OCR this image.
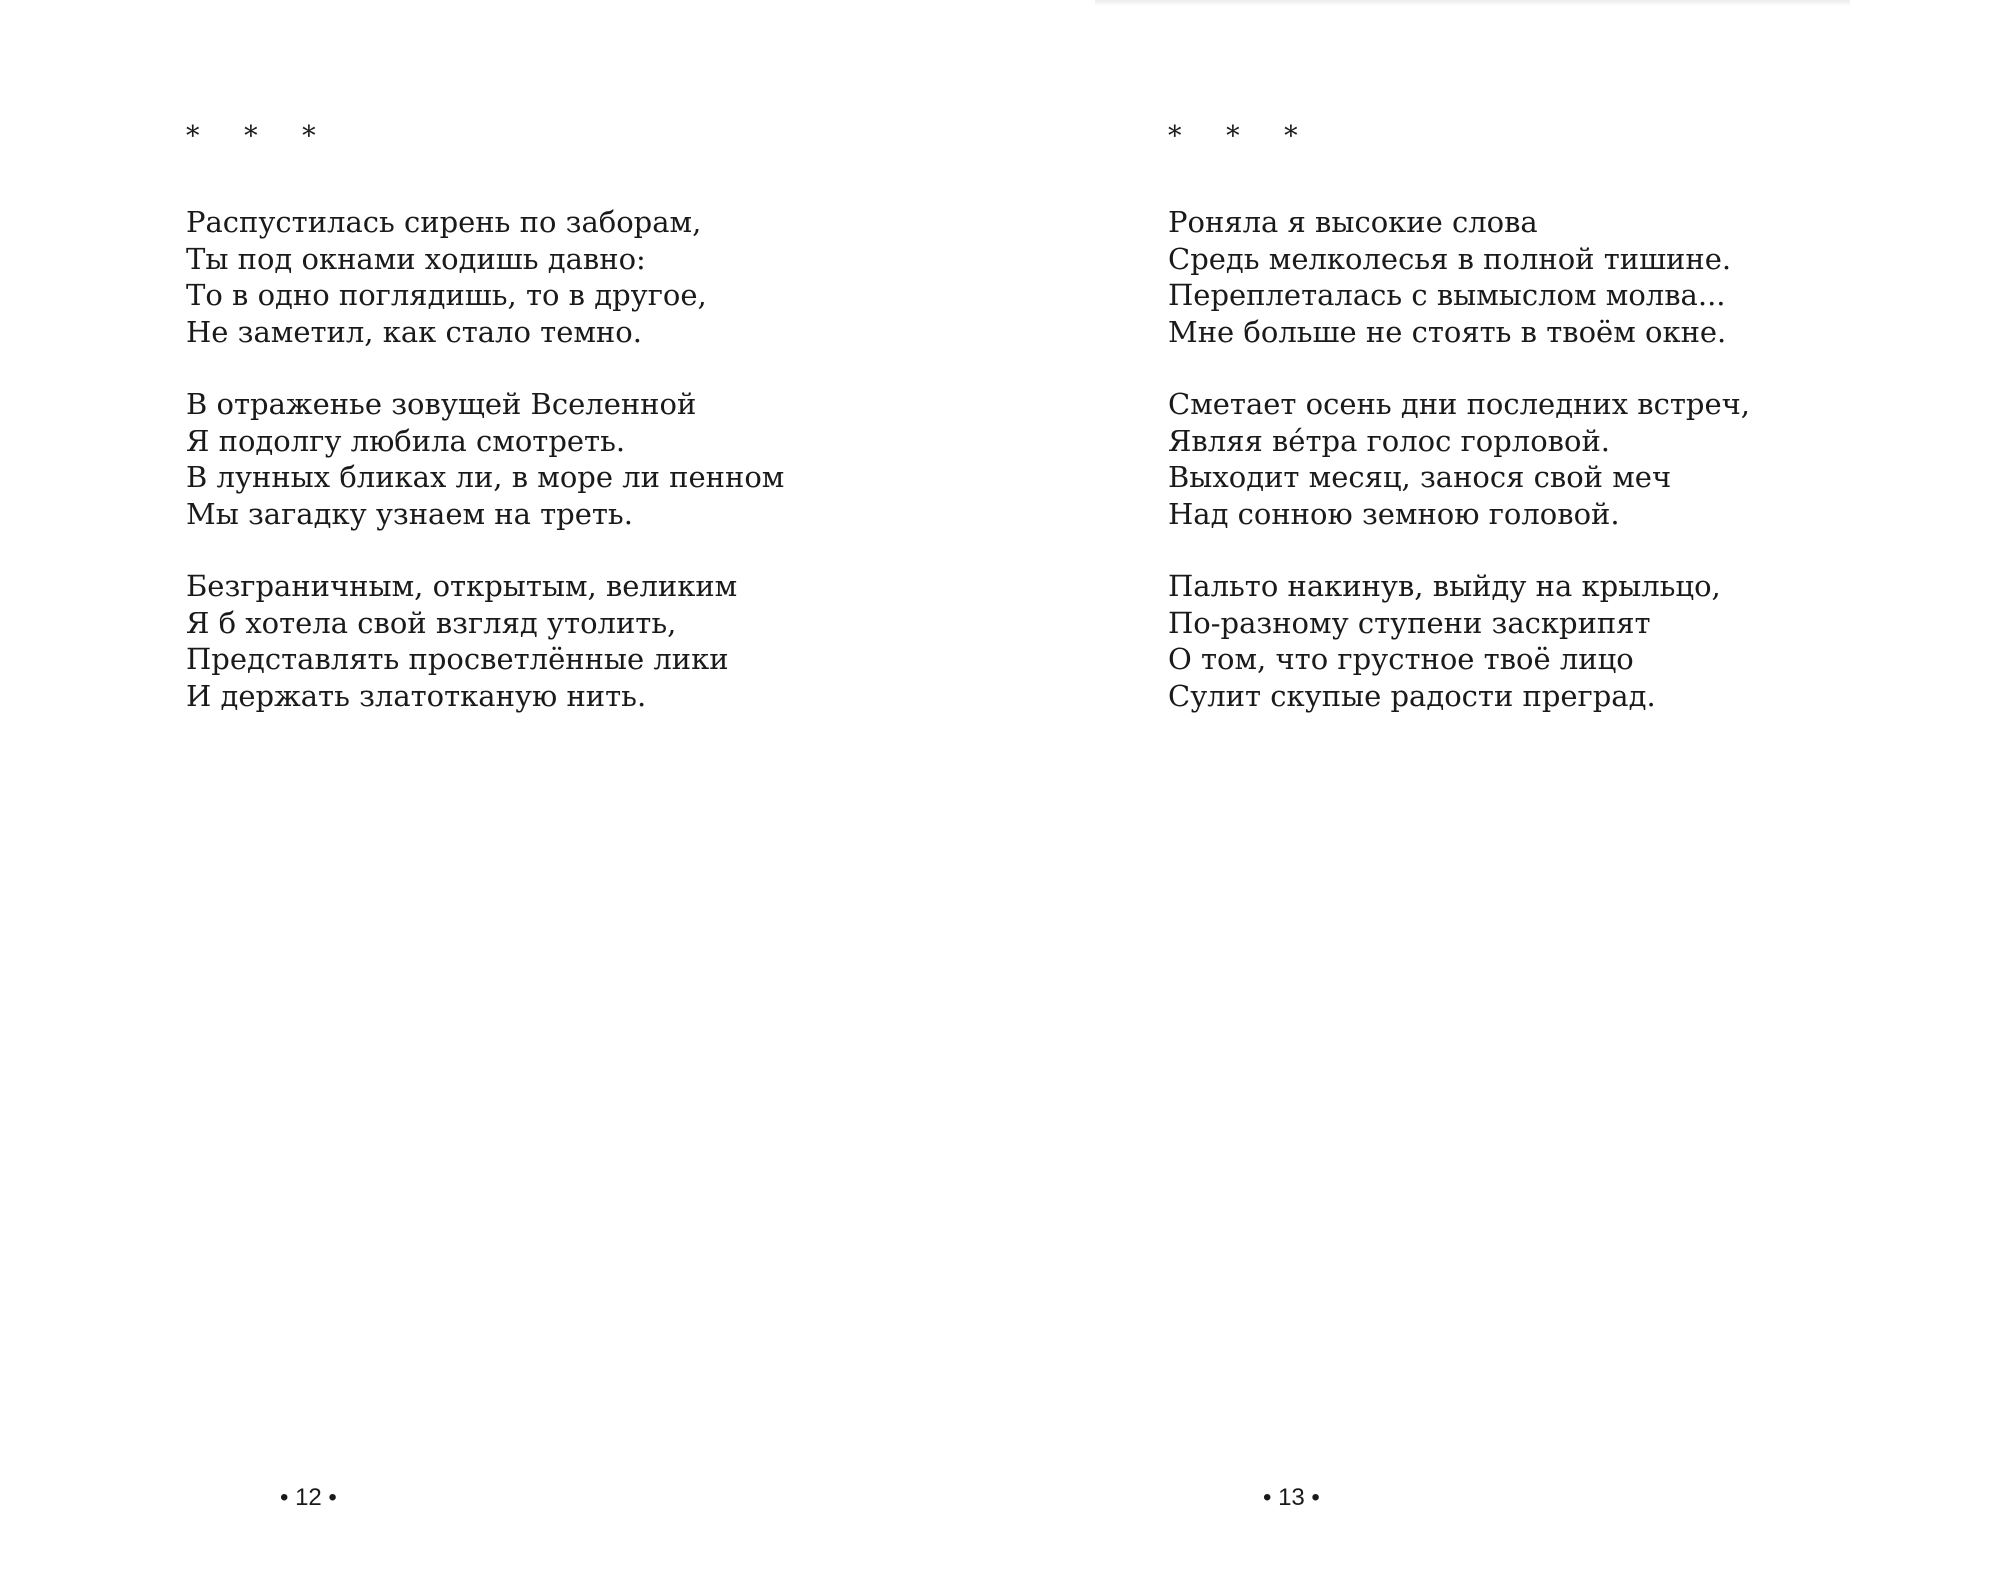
* * *
Распустилась сирень по заборам,
Ты под окнами ходишь давно:
То в одно поглядишь, то в другое,
Не заметил, как стало темно.
В отраженье зовущей Вселенной
Я подолгу любила смотреть.
В лунных бликах ли, в море ли пенном
Мы загадку узнаем на треть.
Безграничным, открытым, великим
Я б хотела свой взгляд утолить,
Представлять просветлённые лики
И держать златотканую нить.
• 12 •
* * *
Роняла я высокие слова
Средь мелколесья в полной тишине.
Переплеталась с вымыслом молва...
Мне больше не стоять в твоём окне.
Сметает осень дни последних встреч,
Являя ве́тра голос горловой.
Выходит месяц, занося свой меч
Над сонною земною головой.
Пальто накинув, выйду на крыльцо,
По-разному ступени заскрипят
О том, что грустное твоё лицо
Сулит скупые радости преград.
• 13 •
